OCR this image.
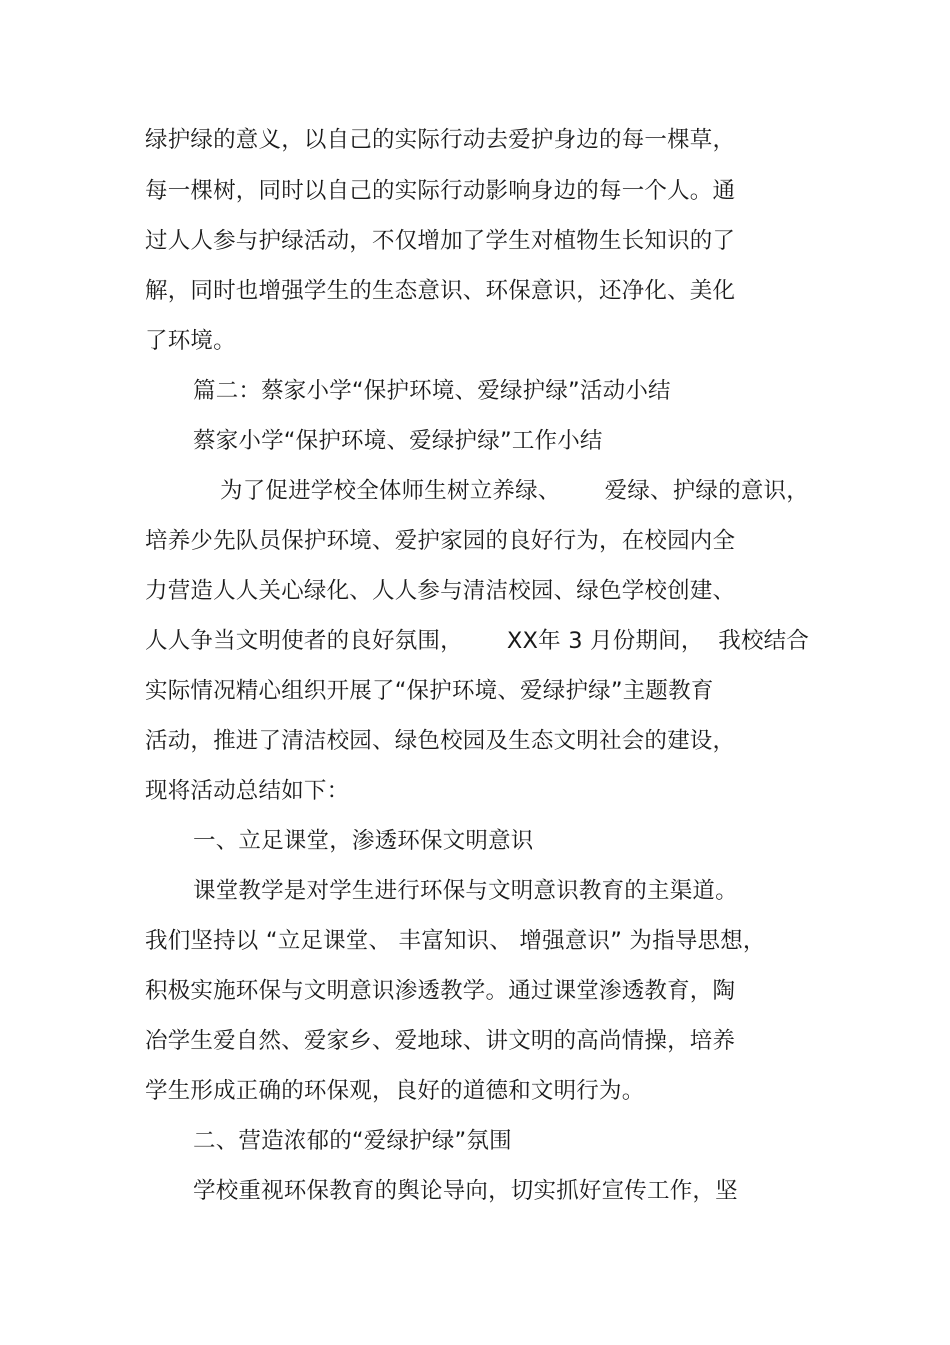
绿护绿的意义，以自己的实际行动去爱护身边的每一棵草，
每一棵树，同时以自己的实际行动影响身边的每一个人。通
过人人参与护绿活动，不仅增加了学生对植物生长知识的了
解，同时也增强学生的生态意识、环保意识，还净化、美化
了环境。
篇二：蔡家小学“保护环境、爱绿护绿”活动小结
蔡家小学“保护环境、爱绿护绿”工作小结
为了促进学校全体师生树立养绿、      爱绿、护绿的意识，
培养少先队员保护环境、爱护家园的良好行为，在校园内全
力营造人人关心绿化、人人参与清洁校园、绿色学校创建、
人人争当文明使者的良好氛围，      XX年 3 月份期间，  我校结合
实际情况精心组织开展了“保护环境、爱绿护绿”主题教育
活动，推进了清洁校园、绿色校园及生态文明社会的建设，
现将活动总结如下：
一、立足课堂，渗透环保文明意识
课堂教学是对学生进行环保与文明意识教育的主渠道。
我们坚持以 “立足课堂、 丰富知识、 增强意识” 为指导思想，
积极实施环保与文明意识渗透教学。通过课堂渗透教育，陶
冶学生爱自然、爱家乡、爱地球、讲文明的高尚情操，培养
学生形成正确的环保观，良好的道德和文明行为。
二、营造浓郁的“爱绿护绿”氛围
学校重视环保教育的舆论导向，切实抓好宣传工作，坚
